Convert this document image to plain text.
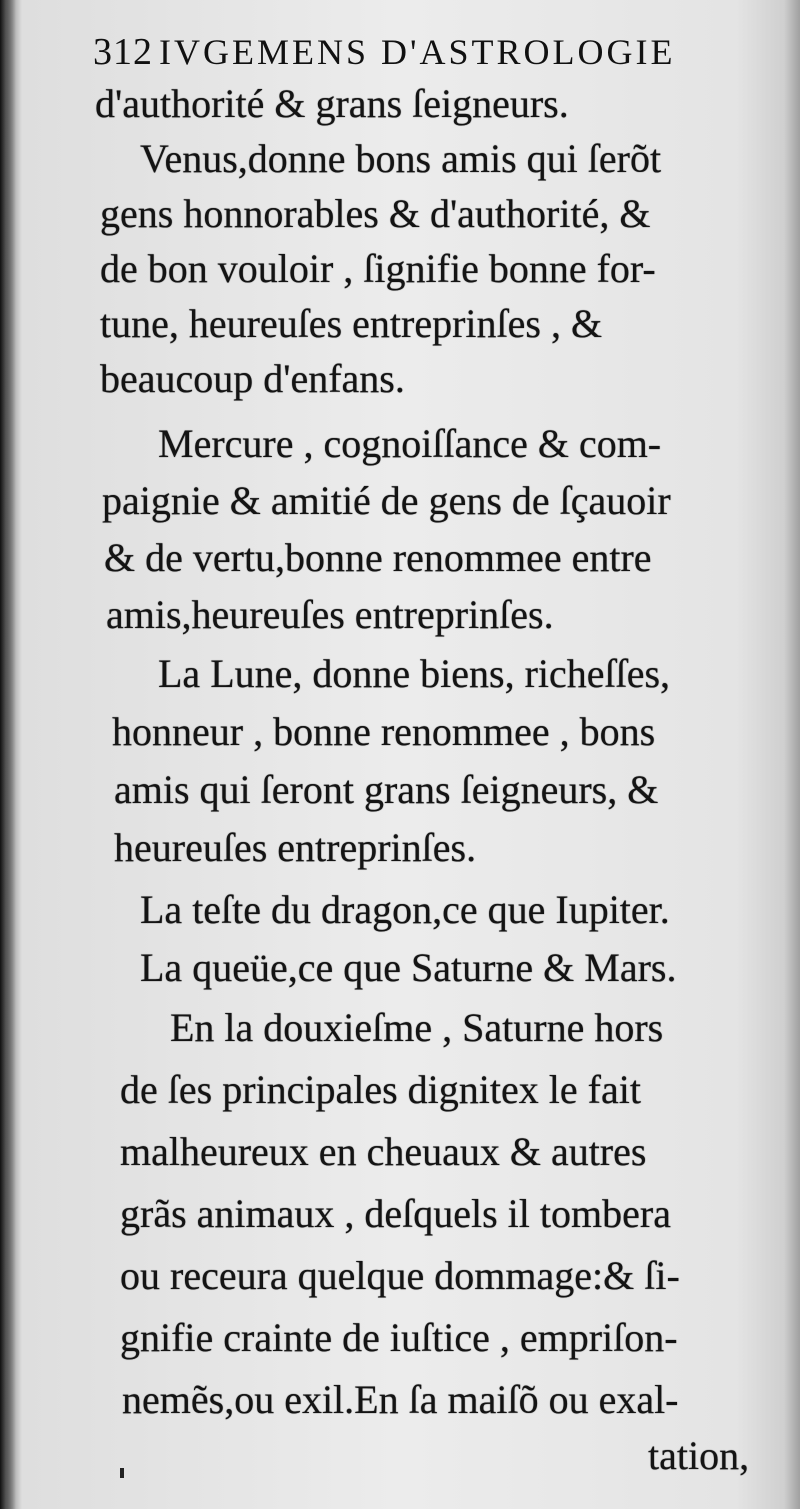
312 IVGEMENS D'ASTROLOGIE
d'authorité & grans ſeigneurs.
Venus,donne bons amis qui ſerõt
gens honnorables & d'authorité, &
de bon vouloir , ſignifie bonne for-
tune, heureuſes entreprinſes , &
beaucoup d'enfans.
Mercure , cognoiſſance & com-
paignie & amitié de gens de ſçauoir
& de vertu,bonne renommee entre
amis,heureuſes entreprinſes.
La Lune, donne biens, richeſſes,
honneur , bonne renommee , bons
amis qui ſeront grans ſeigneurs, &
heureuſes entreprinſes.
La teſte du dragon,ce que Iupiter.
La queüe,ce que Saturne & Mars.
En la douxieſme , Saturne hors
de ſes principales dignitex le fait
malheureux en cheuaux & autres
grãs animaux , deſquels il tombera
ou receura quelque dommage:& ſi-
gnifie crainte de iuſtice , empriſon-
nemẽs,ou exil.En ſa maiſõ ou exal-
tation,
